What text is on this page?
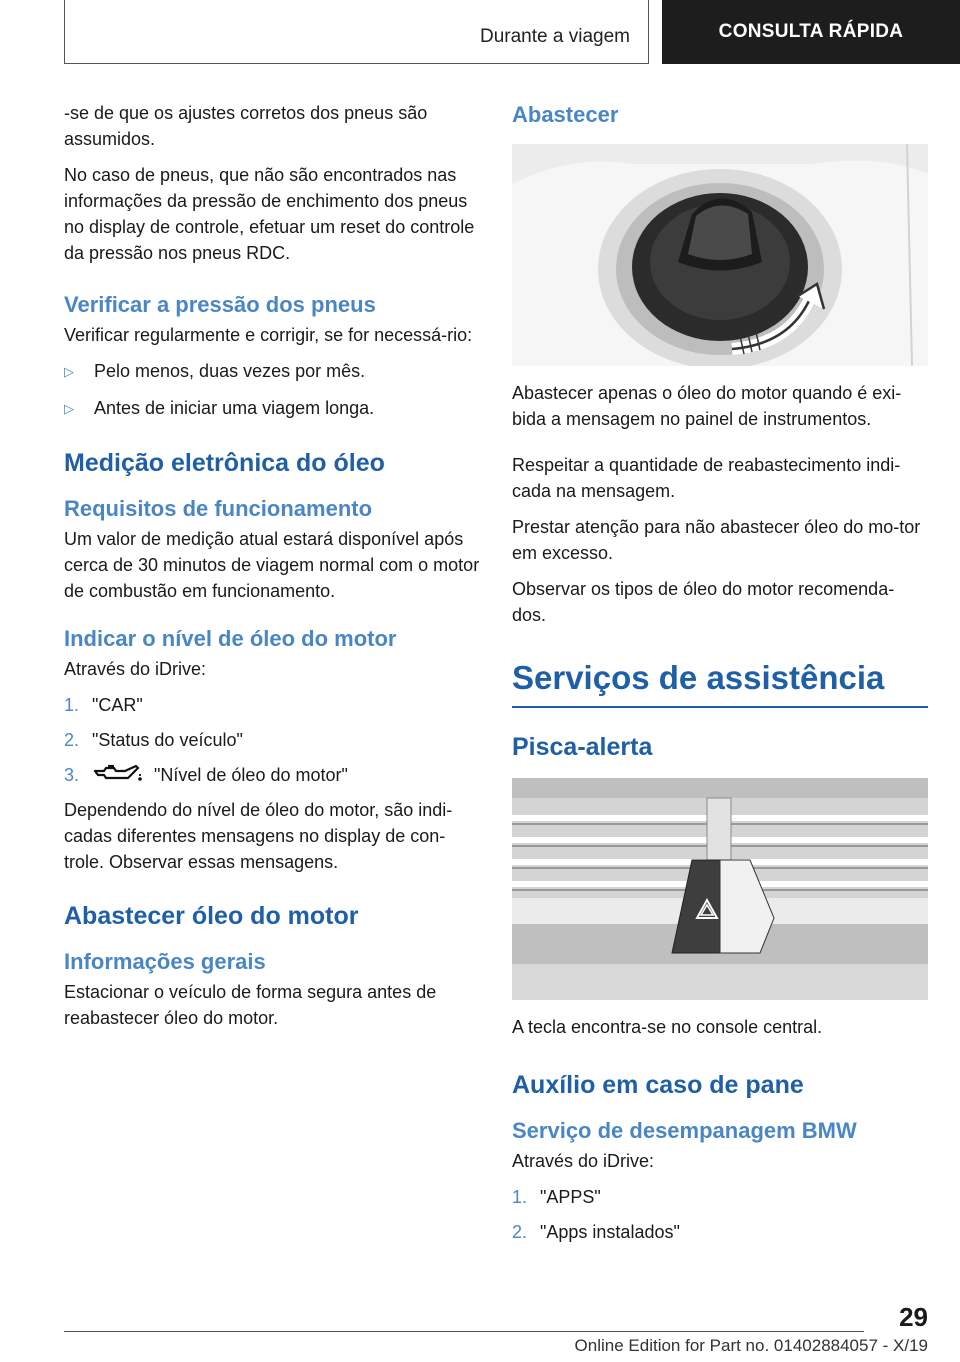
Durante a viagem	CONSULTA RÁPIDA

-se de que os ajustes corretos dos pneus são assumidos.

No caso de pneus, que não são encontrados nas informações da pressão de enchimento dos pneus no display de controle, efetuar um reset do controle da pressão nos pneus RDC.

Verificar a pressão dos pneus

Verificar regularmente e corrigir, se for necessá-rio:

▷	Pelo menos, duas vezes por mês.
▷	Antes de iniciar uma viagem longa.
Medição eletrônica do óleo
Requisitos de funcionamento

Um valor de medição atual estará disponível após cerca de 30 minutos de viagem normal com o motor de combustão em funcionamento.

Indicar o nível de óleo do motor

Através do iDrive:

1. "CAR"
2. "Status do veículo"
3.	"Nível de óleo do motor"

Dependendo do nível de óleo do motor, são indi-cadas diferentes mensagens no display de con-trole. Observar essas mensagens.

Abastecer óleo do motor
Informações gerais

Estacionar o veículo de forma segura antes de reabastecer óleo do motor.

Abastecer

Abastecer apenas o óleo do motor quando é exi-bida a mensagem no painel de instrumentos.

Respeitar a quantidade de reabastecimento indi-cada na mensagem.

Prestar atenção para não abastecer óleo do mo-tor em excesso.

Observar os tipos de óleo do motor recomenda-dos.

Serviços de assistência
Pisca-alerta

A tecla encontra-se no console central.

Auxílio em caso de pane
Serviço de desempanagem BMW

Através do iDrive:

1. "APPS"
2. "Apps instalados"
29
Online Edition for Part no. 01402884057 - X/19
